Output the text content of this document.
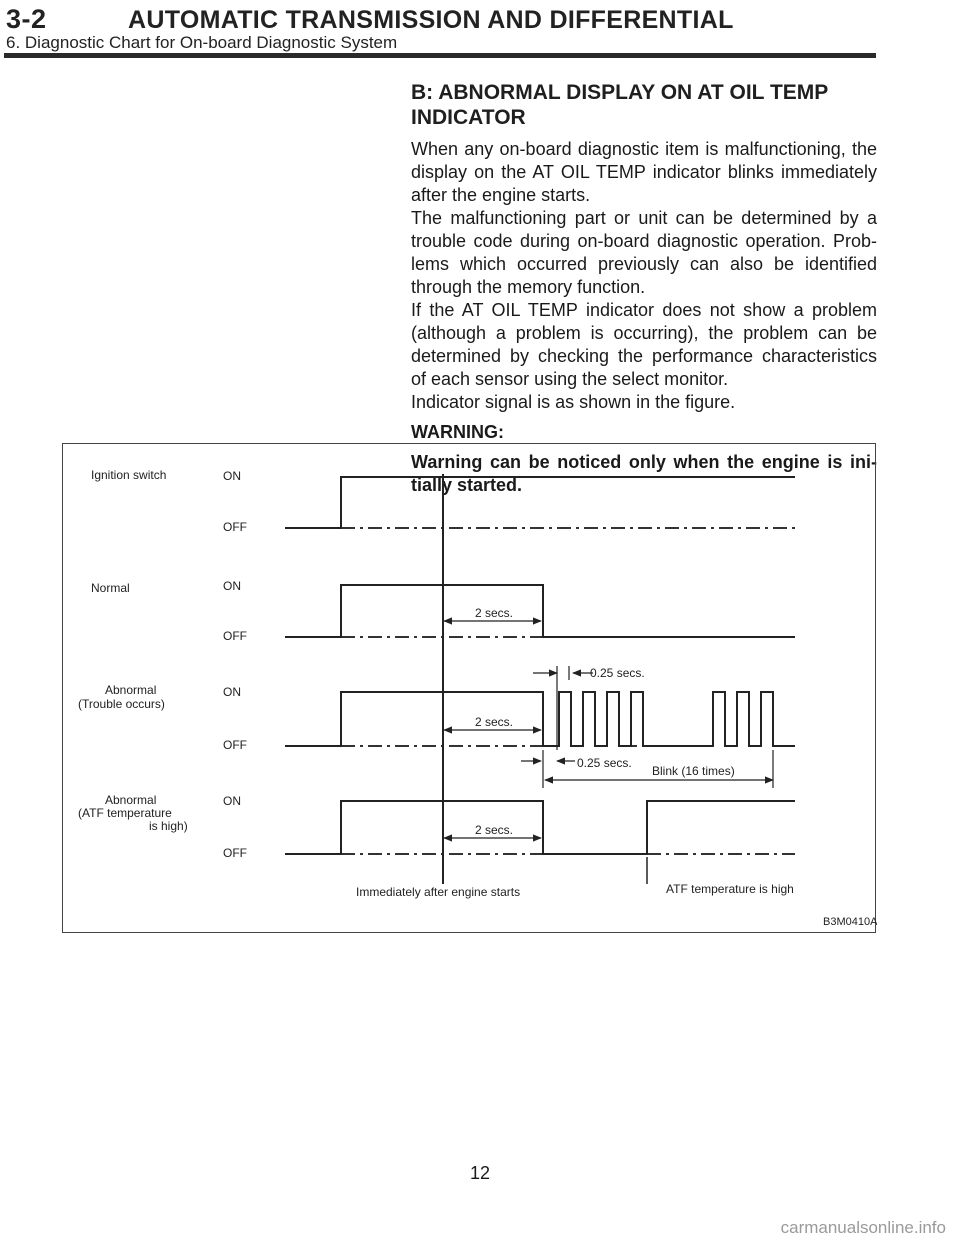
3-2	AUTOMATIC TRANSMISSION AND DIFFERENTIAL
6. Diagnostic Chart for On-board Diagnostic System
B: ABNORMAL DISPLAY ON AT OIL TEMP
INDICATOR

When any on-board diagnostic item is malfunctioning, the display on the AT OIL TEMP indicator blinks immediately after the engine starts.

The malfunctioning part or unit can be determined by a trouble code during on-board diagnostic operation. Prob- lems which occurred previously can also be identified through the memory function.

If the AT OIL TEMP indicator does not show a problem (although a problem is occurring), the problem can be determined by checking the performance characteristics of each sensor using the select monitor.

Indicator signal is as shown in the figure.

WARNING:

Warning can be noticed only when the engine is ini- tially started.

Ignition switch
Normal
Abnormal
(Trouble occurs)
Abnormal
(ATF temperature
is high)
ON
OFF
ON
OFF
ON
OFF
ON
OFF
2 secs.
2 secs.
2 secs.
0.25 secs.
0.25 secs.
Blink (16 times)
Immediately after engine starts	ATF temperature is high
B3M0410A
12
carmanualsonline.info
